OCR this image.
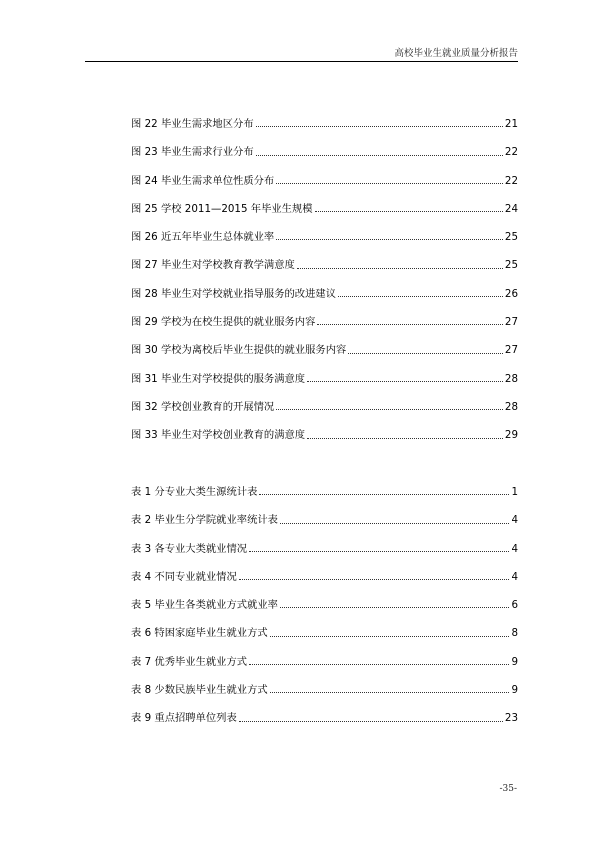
高校毕业生就业质量分析报告
图 22 毕业生需求地区分布	21
图 23 毕业生需求行业分布	22
图 24 毕业生需求单位性质分布	22
图 25 学校 2011—2015 年毕业生规模	24
图 26 近五年毕业生总体就业率	25
图 27 毕业生对学校教育教学满意度	25
图 28 毕业生对学校就业指导服务的改进建议	26
图 29 学校为在校生提供的就业服务内容	27
图 30 学校为离校后毕业生提供的就业服务内容	27
图 31 毕业生对学校提供的服务满意度	28
图 32 学校创业教育的开展情况	28
图 33 毕业生对学校创业教育的满意度	29
表 1 分专业大类生源统计表	1
表 2 毕业生分学院就业率统计表	4
表 3 各专业大类就业情况	4
表 4 不同专业就业情况	4
表 5 毕业生各类就业方式就业率	6
表 6 特困家庭毕业生就业方式	8
表 7 优秀毕业生就业方式	9
表 8 少数民族毕业生就业方式	9
表 9 重点招聘单位列表	23
-35-
